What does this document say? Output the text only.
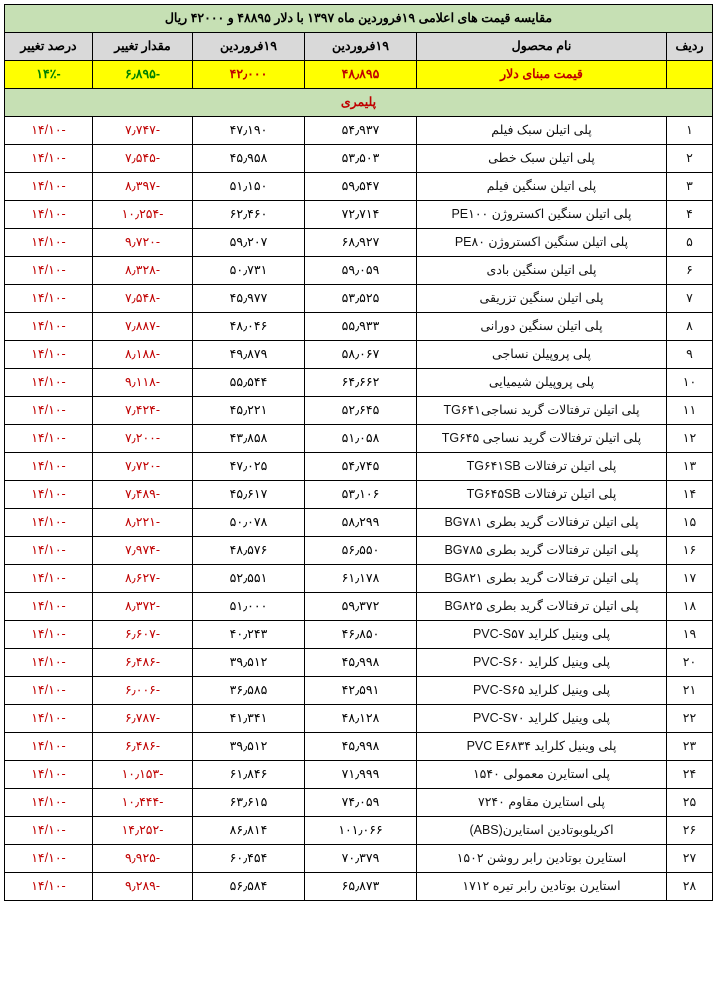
مقایسه قیمت های اعلامی ۱۹فروردین ماه ۱۳۹۷ با دلار ۴۸۸۹۵ و ۴۲۰۰۰ ریال					
ردیف	نام محصول	۱۹فروردین	۱۹فروردین	مقدار تغییر	درصد تغییر
	قیمت مبنای دلار	۴۸٫۸۹۵	۴۲٫۰۰۰	-۶٫۸۹۵	-۱۴٪
پلیمری					
۱	پلی اتیلن سبک فیلم	۵۴٫۹۳۷	۴۷٫۱۹۰	-۷٫۷۴۷	-۱۴/۱۰
۲	پلی اتیلن سبک خطی	۵۳٫۵۰۳	۴۵٫۹۵۸	-۷٫۵۴۵	-۱۴/۱۰
۳	پلی اتیلن سنگین فیلم	۵۹٫۵۴۷	۵۱٫۱۵۰	-۸٫۳۹۷	-۱۴/۱۰
۴	پلی اتیلن سنگین اکستروژن PE۱۰۰	۷۲٫۷۱۴	۶۲٫۴۶۰	-۱۰٫۲۵۴	-۱۴/۱۰
۵	پلی اتیلن سنگین اکستروژن PE۸۰	۶۸٫۹۲۷	۵۹٫۲۰۷	-۹٫۷۲۰	-۱۴/۱۰
۶	پلی اتیلن سنگین بادی	۵۹٫۰۵۹	۵۰٫۷۳۱	-۸٫۳۲۸	-۱۴/۱۰
۷	پلی اتیلن سنگین تزریقی	۵۳٫۵۲۵	۴۵٫۹۷۷	-۷٫۵۴۸	-۱۴/۱۰
۸	پلی اتیلن سنگین دورانی	۵۵٫۹۳۳	۴۸٫۰۴۶	-۷٫۸۸۷	-۱۴/۱۰
۹	پلی پروپیلن نساجی	۵۸٫۰۶۷	۴۹٫۸۷۹	-۸٫۱۸۸	-۱۴/۱۰
۱۰	پلی پروپیلن شیمیایی	۶۴٫۶۶۲	۵۵٫۵۴۴	-۹٫۱۱۸	-۱۴/۱۰
۱۱	پلی اتیلن ترفتالات گرید نساجیTG۶۴۱	۵۲٫۶۴۵	۴۵٫۲۲۱	-۷٫۴۲۴	-۱۴/۱۰
۱۲	پلی اتیلن ترفتالات گرید نساجی TG۶۴۵	۵۱٫۰۵۸	۴۳٫۸۵۸	-۷٫۲۰۰	-۱۴/۱۰
۱۳	پلی اتیلن ترفتالات TG۶۴۱SB	۵۴٫۷۴۵	۴۷٫۰۲۵	-۷٫۷۲۰	-۱۴/۱۰
۱۴	پلی اتیلن ترفتالات TG۶۴۵SB	۵۳٫۱۰۶	۴۵٫۶۱۷	-۷٫۴۸۹	-۱۴/۱۰
۱۵	پلی اتیلن ترفتالات گرید بطری BG۷۸۱	۵۸٫۲۹۹	۵۰٫۰۷۸	-۸٫۲۲۱	-۱۴/۱۰
۱۶	پلی اتیلن ترفتالات گرید بطری BG۷۸۵	۵۶٫۵۵۰	۴۸٫۵۷۶	-۷٫۹۷۴	-۱۴/۱۰
۱۷	پلی اتیلن ترفتالات گرید بطری BG۸۲۱	۶۱٫۱۷۸	۵۲٫۵۵۱	-۸٫۶۲۷	-۱۴/۱۰
۱۸	پلی اتیلن ترفتالات گرید بطری BG۸۲۵	۵۹٫۳۷۲	۵۱٫۰۰۰	-۸٫۳۷۲	-۱۴/۱۰
۱۹	پلی وینیل کلراید PVC-S۵۷	۴۶٫۸۵۰	۴۰٫۲۴۳	-۶٫۶۰۷	-۱۴/۱۰
۲۰	پلی وینیل کلراید PVC-S۶۰	۴۵٫۹۹۸	۳۹٫۵۱۲	-۶٫۴۸۶	-۱۴/۱۰
۲۱	پلی وینیل کلراید PVC-S۶۵	۴۲٫۵۹۱	۳۶٫۵۸۵	-۶٫۰۰۶	-۱۴/۱۰
۲۲	پلی وینیل کلراید PVC-S۷۰	۴۸٫۱۲۸	۴۱٫۳۴۱	-۶٫۷۸۷	-۱۴/۱۰
۲۳	پلی وینیل کلراید PVC E۶۸۳۴	۴۵٫۹۹۸	۳۹٫۵۱۲	-۶٫۴۸۶	-۱۴/۱۰
۲۴	پلی استایرن معمولی ۱۵۴۰	۷۱٫۹۹۹	۶۱٫۸۴۶	-۱۰٫۱۵۳	-۱۴/۱۰
۲۵	پلی استایرن مقاوم ۷۲۴۰	۷۴٫۰۵۹	۶۳٫۶۱۵	-۱۰٫۴۴۴	-۱۴/۱۰
۲۶	اکریلوبوتادین استایرن(ABS)	۱۰۱٫۰۶۶	۸۶٫۸۱۴	-۱۴٫۲۵۲	-۱۴/۱۰
۲۷	استایرن بوتادین رابر روشن ۱۵۰۲	۷۰٫۳۷۹	۶۰٫۴۵۴	-۹٫۹۲۵	-۱۴/۱۰
۲۸	استایرن بوتادین رابر تیره ۱۷۱۲	۶۵٫۸۷۳	۵۶٫۵۸۴	-۹٫۲۸۹	-۱۴/۱۰
